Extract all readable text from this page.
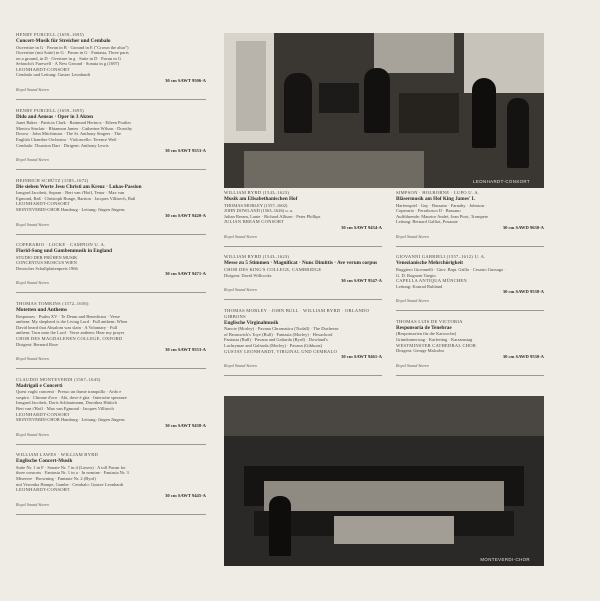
HENRY PURCELL (1659–1695)
Concert-Musik für Streicher und Cembalo
Ouvertüre in G · Pavan in B · Ground in E ("Crown the altar")
Ouvertüre (mit Suite) in G · Pavan in G · Fantasia, Three parts
on a ground, in D · Overture in g · Suite in D · Pavan in G
Sefauchi's Farewell · A New Ground · Sonata in g (1697)
LEONHARDT-CONSORT
Cembalo und Leitung: Gustav Leonhardt
Royal Sound Stereo
30 cm SAWT 9506-A
HENRY PURCELL (1659–1695)
Dido and Aeneas · Oper in 3 Akten
Janet Baker · Patricia Clark · Raimund Herincx · Eileen Poulter
Monica Sinclair · Rhiannon James · Catherine Wilson · Dorothy
Dorow · John Mitchinson · The St. Anthony Singers · The
English Chamber Orchestra · Violoncello: Terence Weil ·
Cembalo: Thurston Dart · Dirigent: Anthony Lewis
Royal Sound Stereo
30 cm SAWT 9553-A
HEINRICH SCHÜTZ (1585–1672)
Die sieben Worte Jesu Christi am Kreuz · Lukas-Passion
Irmgard Jacobeit, Sopran · Bert van t'Hoff, Tenor · Max van
Egmond, Baß · Christoph Runge, Bariton · Jacques Villisech, Baß
LEONHARDT-CONSORT
MONTEVERDI-CHOR Hamburg · Leitung: Jürgen Jürgens
Royal Sound Stereo
30 cm SAWT 9420-A
COPERARIO · LOCKE · CAMPION U. A.
Florid-Song und Gambenmusik in England
STUDIO DER FRÜHEN MUSIK
CONCENTUS MUSICUS WIEN
Deutscher Schallplattenpreis 1966
Royal Sound Stereo
30 cm SAWT 9471-A
THOMAS TOMKINS (1572–1656)
Motetten und Anthems
Responses · Psalm XV · Te Deum and Benedictus · Verse
anthem: My shepherd is the Living Lord · Full anthem: When
David heard that Absalom was slain · A Voluntary · Full
anthem: Turn unto the Lord · Verse anthem: Hear my prayer
CHOR DES MAGDALENEN COLLEGE, OXFORD
Dirigent: Bernard Rose
Royal Sound Stereo
30 cm SAWT 9553-A
CLAUDIO MONTEVERDI (1567–1643)
Madrigali e Concerti
Quest vaghi concenti · Presso un fiume tranquillo · Ardo e
sospiro · Chiome d'oro · Ahi, dove è gita · Interrotte speranze
Irmgard Jacobeit, Doris Schlautmann, Dorothea Hüttich
Bert van t'Hoff · Max van Egmond · Jacques Villisech
LEONHARDT-CONSORT
MONTEVERDI-CHOR Hamburg · Leitung: Jürgen Jürgens
Royal Sound Stereo
30 cm SAWT 9438-A
WILLIAM LAWES · WILLIAM BYRD
Englische Concert-Musik
Suite Nr. 1 in F · Sonate Nr. 7 in d (Lawes) · A toll Pavan for
three consorts · Fantasia Nr. 1 in a · In nomine · Fantasia Nr. 3
Miserere · Browning · Fantasie Nr. 2 (Byrd)
mit Veronika Hampe, Gambe · Cembalo: Gustav Leonhardt
LEONHARDT-CONSORT
Royal Sound Stereo
30 cm SAWT 9445-A
LEONHARDT-CONSORT
WILLIAM BYRD (1543–1623)
Musik am Elisabethanischen Hof
THOMAS MORLEY (1557–1602)
JOHN DOWLAND (1563–1626) u. a.
Julian Bream, Laute · Richard Allison · Peter Phillips
JULIAN BREAM CONSORT
Royal Sound Stereo
30 cm SAWT 9434-A
WILLIAM BYRD (1543–1623)
Messe zu 5 Stimmen · Magnificat · Nunc Dimittis · Ave verum corpus
CHOR DES KING'S COLLEGE, CAMBRIDGE
Dirigent: David Willcocks
Royal Sound Stereo
30 cm SAWT 9547-A
THOMAS MORLEY · JOHN BULL · WILLIAM BYRD · ORLANDO GIBBONS
Englische Virginalmusik
Nancie (Morley) · Pavana Chromatica (Tisdall) · The Duchesse
of Brunswick's Toye (Bull) · Fantasia (Morley) · Hexachord
Fantasia (Bull) · Pavana and Galiarda (Byrd) · Dowland's
Lachrymae and Galiarda (Morley) · Pavana (Gibbons)
GUSTAV LEONHARDT, VIRGINAL UND CEMBALO
Royal Sound Stereo
30 cm SAWT 9461-A
SIMPSON · HOLBORNE · LUPO U. A.
Bläsermusik am Hof King James' I.
Harfenspiel · Gay · Bassano · Farnaby · Johnson ·
Coperario · Ferrabosco II · Bassano
Aufführende: Maurice André, Jean Pirot, Trompete
Leitung: Bernard Galliot, Posaune
Royal Sound Stereo
30 cm SAWD 9630-A
GIOVANNI GABRIELI (1557–1612) U. A.
Venezianische Mehrchörigkeit
Ruggiero Giovanelli · Giov. Bapt. Grillo · Cesario Gussago ·
G. D. Rognoni Taegio
CAPELLA ANTIQUA MÜNCHEN
Leitung: Konrad Ruhland
Royal Sound Stereo
30 cm SAWD 9538-A
THOMAS LUIS DE VICTORIA
Responsoria de Tenebrae
(Responsorien für die Karwoche)
Gründonnerstag · Karfreitag · Karsamstag
WESTMINSTER CATHEDRAL CHOR
Dirigent: George Malcolm
Royal Sound Stereo
30 cm SAWD 9530-A
MONTEVERDI-CHOR
